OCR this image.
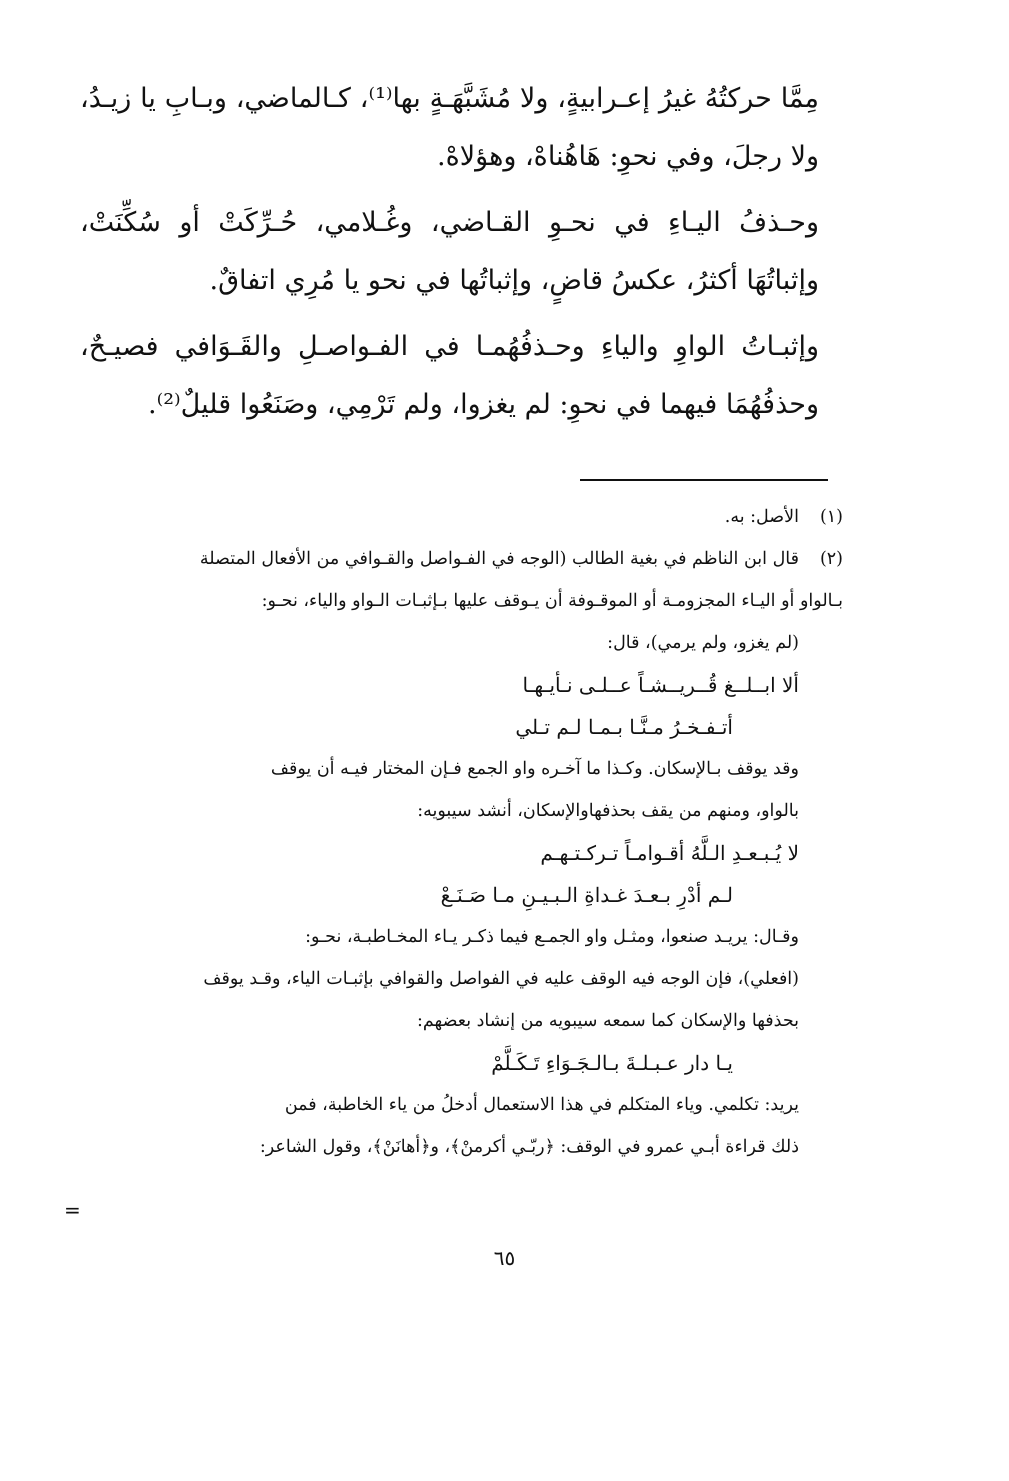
مِمَّا حركتُهُ غيرُ إعـرابيةٍ، ولا مُشَبَّهَـةٍ بها⁽¹⁾، كـالماضي، وبـابِ يا زيـدُ، ولا رجلَ، وفي نحوِ: هَاهُناهْ، وهؤلاهْ.

وحـذفُ اليـاءِ في نحـوِ القـاضي، وغُـلامي، حُـرِّكَتْ أو سُكِّنَتْ، وإثباتُهَا أكثرُ، عكسُ قاضٍ، وإثباتُها في نحو يا مُرِي اتفاقٌ.

وإثبـاتُ الواوِ والياءِ وحـذفُهُمـا في الفـواصـلِ والقَـوَافي فصيـحٌ، وحذفُهُمَا فيهما في نحوِ: لم يغزوا، ولم تَرْمِي، وصَنَعُوا قليلٌ⁽²⁾.

(١)الأصل: به.
(٢)قال ابن الناظم في بغية الطالب (الوجه في الفـواصل والقـوافي من الأفعال المتصلة
بـالواو أو اليـاء المجزومـة أو الموقـوفة أن يـوقف عليها بـإثبـات الـواو والياء، نحـو:
(لم يغزو، ولم يرمي)، قال:
ألا ابــلــغ قُــريــشـاً عــلـى نـأيـهـا
أتـفـخـرُ مـنَّـا بـمـا لـم تـلي
وقد يوقف بـالإسكان. وكـذا ما آخـره واو الجمع فـإن المختار فيـه أن يوقف
بالواو، ومنهم من يقف بحذفهاوالإسكان، أنشد سيبويه:
لا يُـبـعـدِ الـلَّهُ أقـوامـاً تـركـتـهـم
لـم أدْرِ بـعـدَ غـداةِ الـبـيـنِ مـا صَـنَـعْ
وقـال: يريـد صنعوا، ومثـل واو الجمـع فيما ذكـر يـاء المخـاطبـة، نحـو:
(افعلي)، فإن الوجه فيه الوقف عليه في الفواصل والقوافي بإثبـات الياء، وقـد يوقف
بحذفها والإسكان كما سمعه سيبويه من إنشاد بعضهم:
يـا دار عـبـلـةَ بـالـجَـوَاءِ تَـكَـلَّمْ
يريد: تكلمي. وياء المتكلم في هذا الاستعمال أدخلُ من ياء الخاطبة، فمن
ذلك قراءة أبـي عمرو في الوقف: ﴿ربّـي أكرمنْ﴾، و﴿أهانَنْ﴾، وقول الشاعر:
=
٦٥
